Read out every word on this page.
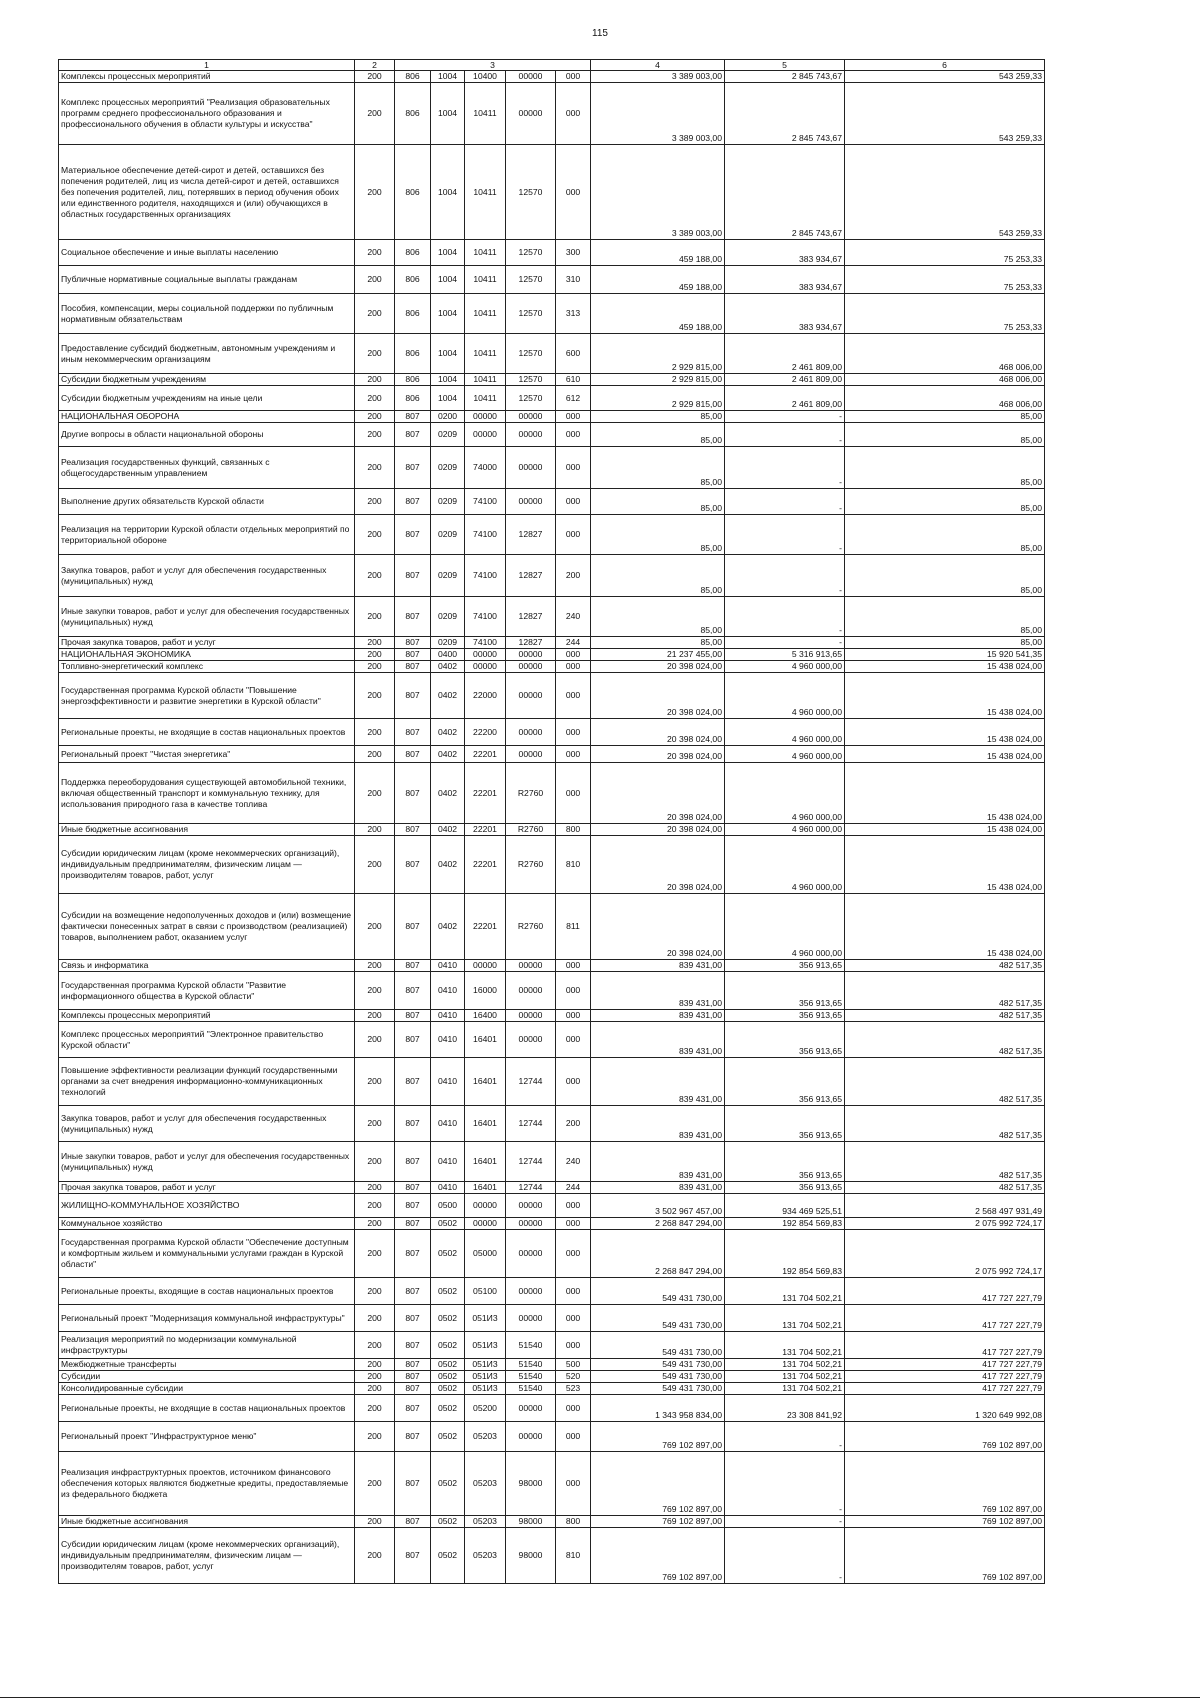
115
1	2	3					4	5	6
Комплексы процессных мероприятий	200	806	1004	10400	00000	000	3 389 003,00	2 845 743,67	543 259,33
Комплекс процессных мероприятий "Реализация образовательных программ среднего профессионального образования и профессионального обучения в области культуры и искусства"	200	806	1004	10411	00000	000	3 389 003,00	2 845 743,67	543 259,33
Материальное обеспечение детей-сирот и детей, оставшихся без попечения родителей, лиц из числа детей-сирот и детей, оставшихся без попечения родителей, лиц, потерявших в период обучения обоих или единственного родителя, находящихся и (или) обучающихся в областных государственных организациях	200	806	1004	10411	12570	000	3 389 003,00	2 845 743,67	543 259,33
Социальное обеспечение и иные выплаты населению	200	806	1004	10411	12570	300	459 188,00	383 934,67	75 253,33
Публичные нормативные социальные выплаты гражданам	200	806	1004	10411	12570	310	459 188,00	383 934,67	75 253,33
Пособия, компенсации, меры социальной поддержки по публичным нормативным обязательствам	200	806	1004	10411	12570	313	459 188,00	383 934,67	75 253,33
Предоставление субсидий бюджетным, автономным учреждениям и иным некоммерческим организациям	200	806	1004	10411	12570	600	2 929 815,00	2 461 809,00	468 006,00
Субсидии бюджетным учреждениям	200	806	1004	10411	12570	610	2 929 815,00	2 461 809,00	468 006,00
Субсидии бюджетным учреждениям на иные цели	200	806	1004	10411	12570	612	2 929 815,00	2 461 809,00	468 006,00
НАЦИОНАЛЬНАЯ ОБОРОНА	200	807	0200	00000	00000	000	85,00	-	85,00
Другие вопросы в области национальной обороны	200	807	0209	00000	00000	000	85,00	-	85,00
Реализация государственных функций, связанных с общегосударственным управлением	200	807	0209	74000	00000	000	85,00	-	85,00
Выполнение других обязательств Курской области	200	807	0209	74100	00000	000	85,00	-	85,00
Реализация на территории Курской области отдельных мероприятий по территориальной обороне	200	807	0209	74100	12827	000	85,00	-	85,00
Закупка товаров, работ и услуг для обеспечения государственных (муниципальных) нужд	200	807	0209	74100	12827	200	85,00	-	85,00
Иные закупки товаров, работ и услуг для обеспечения государственных (муниципальных) нужд	200	807	0209	74100	12827	240	85,00	-	85,00
Прочая закупка товаров, работ и услуг	200	807	0209	74100	12827	244	85,00	-	85,00
НАЦИОНАЛЬНАЯ ЭКОНОМИКА	200	807	0400	00000	00000	000	21 237 455,00	5 316 913,65	15 920 541,35
Топливно-энергетический комплекс	200	807	0402	00000	00000	000	20 398 024,00	4 960 000,00	15 438 024,00
Государственная программа Курской области "Повышение энергоэффективности и развитие энергетики в Курской области"	200	807	0402	22000	00000	000	20 398 024,00	4 960 000,00	15 438 024,00
Региональные проекты, не входящие в состав национальных проектов	200	807	0402	22200	00000	000	20 398 024,00	4 960 000,00	15 438 024,00
Региональный проект "Чистая энергетика"	200	807	0402	22201	00000	000	20 398 024,00	4 960 000,00	15 438 024,00
Поддержка переоборудования существующей автомобильной техники, включая общественный транспорт и коммунальную технику, для использования природного газа в качестве топлива	200	807	0402	22201	R2760	000	20 398 024,00	4 960 000,00	15 438 024,00
Иные бюджетные ассигнования	200	807	0402	22201	R2760	800	20 398 024,00	4 960 000,00	15 438 024,00
Субсидии юридическим лицам (кроме некоммерческих организаций), индивидуальным предпринимателям, физическим лицам — производителям товаров, работ, услуг	200	807	0402	22201	R2760	810	20 398 024,00	4 960 000,00	15 438 024,00
Субсидии на возмещение недополученных доходов и (или) возмещение фактически понесенных затрат в связи с производством (реализацией) товаров, выполнением работ, оказанием услуг	200	807	0402	22201	R2760	811	20 398 024,00	4 960 000,00	15 438 024,00
Связь и информатика	200	807	0410	00000	00000	000	839 431,00	356 913,65	482 517,35
Государственная программа Курской области "Развитие информационного общества в Курской области"	200	807	0410	16000	00000	000	839 431,00	356 913,65	482 517,35
Комплексы процессных мероприятий	200	807	0410	16400	00000	000	839 431,00	356 913,65	482 517,35
Комплекс процессных мероприятий "Электронное правительство Курской области"	200	807	0410	16401	00000	000	839 431,00	356 913,65	482 517,35
Повышение эффективности реализации функций государственными органами за счет внедрения информационно-коммуникационных технологий	200	807	0410	16401	12744	000	839 431,00	356 913,65	482 517,35
Закупка товаров, работ и услуг для обеспечения государственных (муниципальных) нужд	200	807	0410	16401	12744	200	839 431,00	356 913,65	482 517,35
Иные закупки товаров, работ и услуг для обеспечения государственных (муниципальных) нужд	200	807	0410	16401	12744	240	839 431,00	356 913,65	482 517,35
Прочая закупка товаров, работ и услуг	200	807	0410	16401	12744	244	839 431,00	356 913,65	482 517,35
ЖИЛИЩНО-КОММУНАЛЬНОЕ ХОЗЯЙСТВО	200	807	0500	00000	00000	000	3 502 967 457,00	934 469 525,51	2 568 497 931,49
Коммунальное хозяйство	200	807	0502	00000	00000	000	2 268 847 294,00	192 854 569,83	2 075 992 724,17
Государственная программа Курской области "Обеспечение доступным и комфортным жильем и коммунальными услугами граждан в Курской области"	200	807	0502	05000	00000	000	2 268 847 294,00	192 854 569,83	2 075 992 724,17
Региональные проекты, входящие в состав национальных проектов	200	807	0502	05100	00000	000	549 431 730,00	131 704 502,21	417 727 227,79
Региональный проект "Модернизация коммунальной инфраструктуры"	200	807	0502	051И3	00000	000	549 431 730,00	131 704 502,21	417 727 227,79
Реализация мероприятий по модернизации коммунальной инфраструктуры	200	807	0502	051И3	51540	000	549 431 730,00	131 704 502,21	417 727 227,79
Межбюджетные трансферты	200	807	0502	051И3	51540	500	549 431 730,00	131 704 502,21	417 727 227,79
Субсидии	200	807	0502	051И3	51540	520	549 431 730,00	131 704 502,21	417 727 227,79
Консолидированные субсидии	200	807	0502	051И3	51540	523	549 431 730,00	131 704 502,21	417 727 227,79
Региональные проекты, не входящие в состав национальных проектов	200	807	0502	05200	00000	000	1 343 958 834,00	23 308 841,92	1 320 649 992,08
Региональный проект "Инфраструктурное меню"	200	807	0502	05203	00000	000	769 102 897,00	-	769 102 897,00
Реализация инфраструктурных проектов, источником финансового обеспечения которых являются бюджетные кредиты, предоставляемые из федерального бюджета	200	807	0502	05203	98000	000	769 102 897,00	-	769 102 897,00
Иные бюджетные ассигнования	200	807	0502	05203	98000	800	769 102 897,00	-	769 102 897,00
Субсидии юридическим лицам (кроме некоммерческих организаций), индивидуальным предпринимателям, физическим лицам — производителям товаров, работ, услуг	200	807	0502	05203	98000	810	769 102 897,00	-	769 102 897,00
